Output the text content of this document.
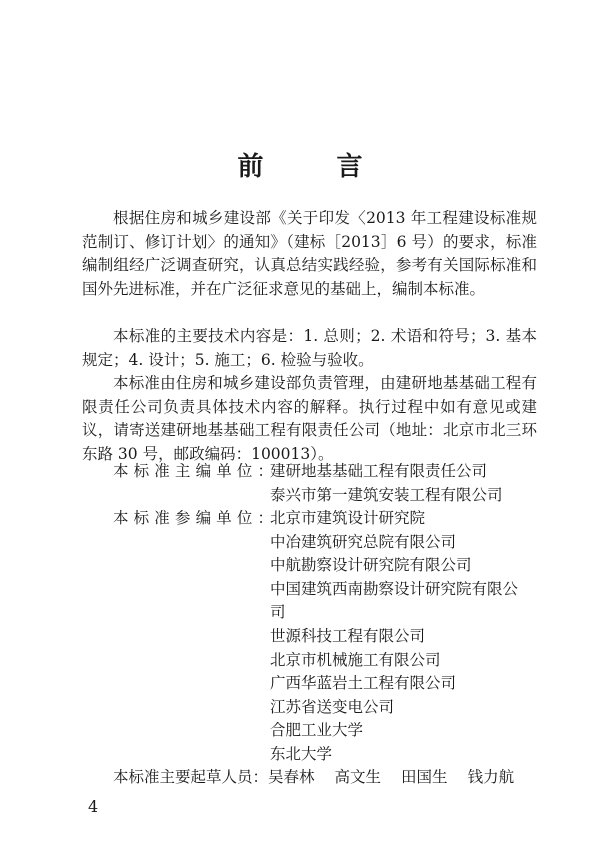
前 言
根据住房和城乡建设部《关于印发〈2013 年工程建设标准规范制订、修订计划〉的通知》（建标［2013］6 号）的要求，标准编制组经广泛调查研究，认真总结实践经验，参考有关国际标准和国外先进标准，并在广泛征求意见的基础上，编制本标准。
本标准的主要技术内容是：1. 总则；2. 术语和符号；3. 基本规定；4. 设计；5. 施工；6. 检验与验收。
本标准由住房和城乡建设部负责管理，由建研地基基础工程有限责任公司负责具体技术内容的解释。执行过程中如有意见或建议，请寄送建研地基基础工程有限责任公司（地址：北京市北三环东路 30 号，邮政编码：100013）。
本标准主编单位：
建研地基基础工程有限责任公司
泰兴市第一建筑安装工程有限公司
本标准参编单位：
北京市建筑设计研究院
中冶建筑研究总院有限公司
中航勘察设计研究院有限公司
中国建筑西南勘察设计研究院有限公司
世源科技工程有限公司
北京市机械施工有限公司
广西华蓝岩土工程有限公司
江苏省送变电公司
合肥工业大学
东北大学
本标准主要起草人员：吴春林 高文生 田国生 钱力航
4
